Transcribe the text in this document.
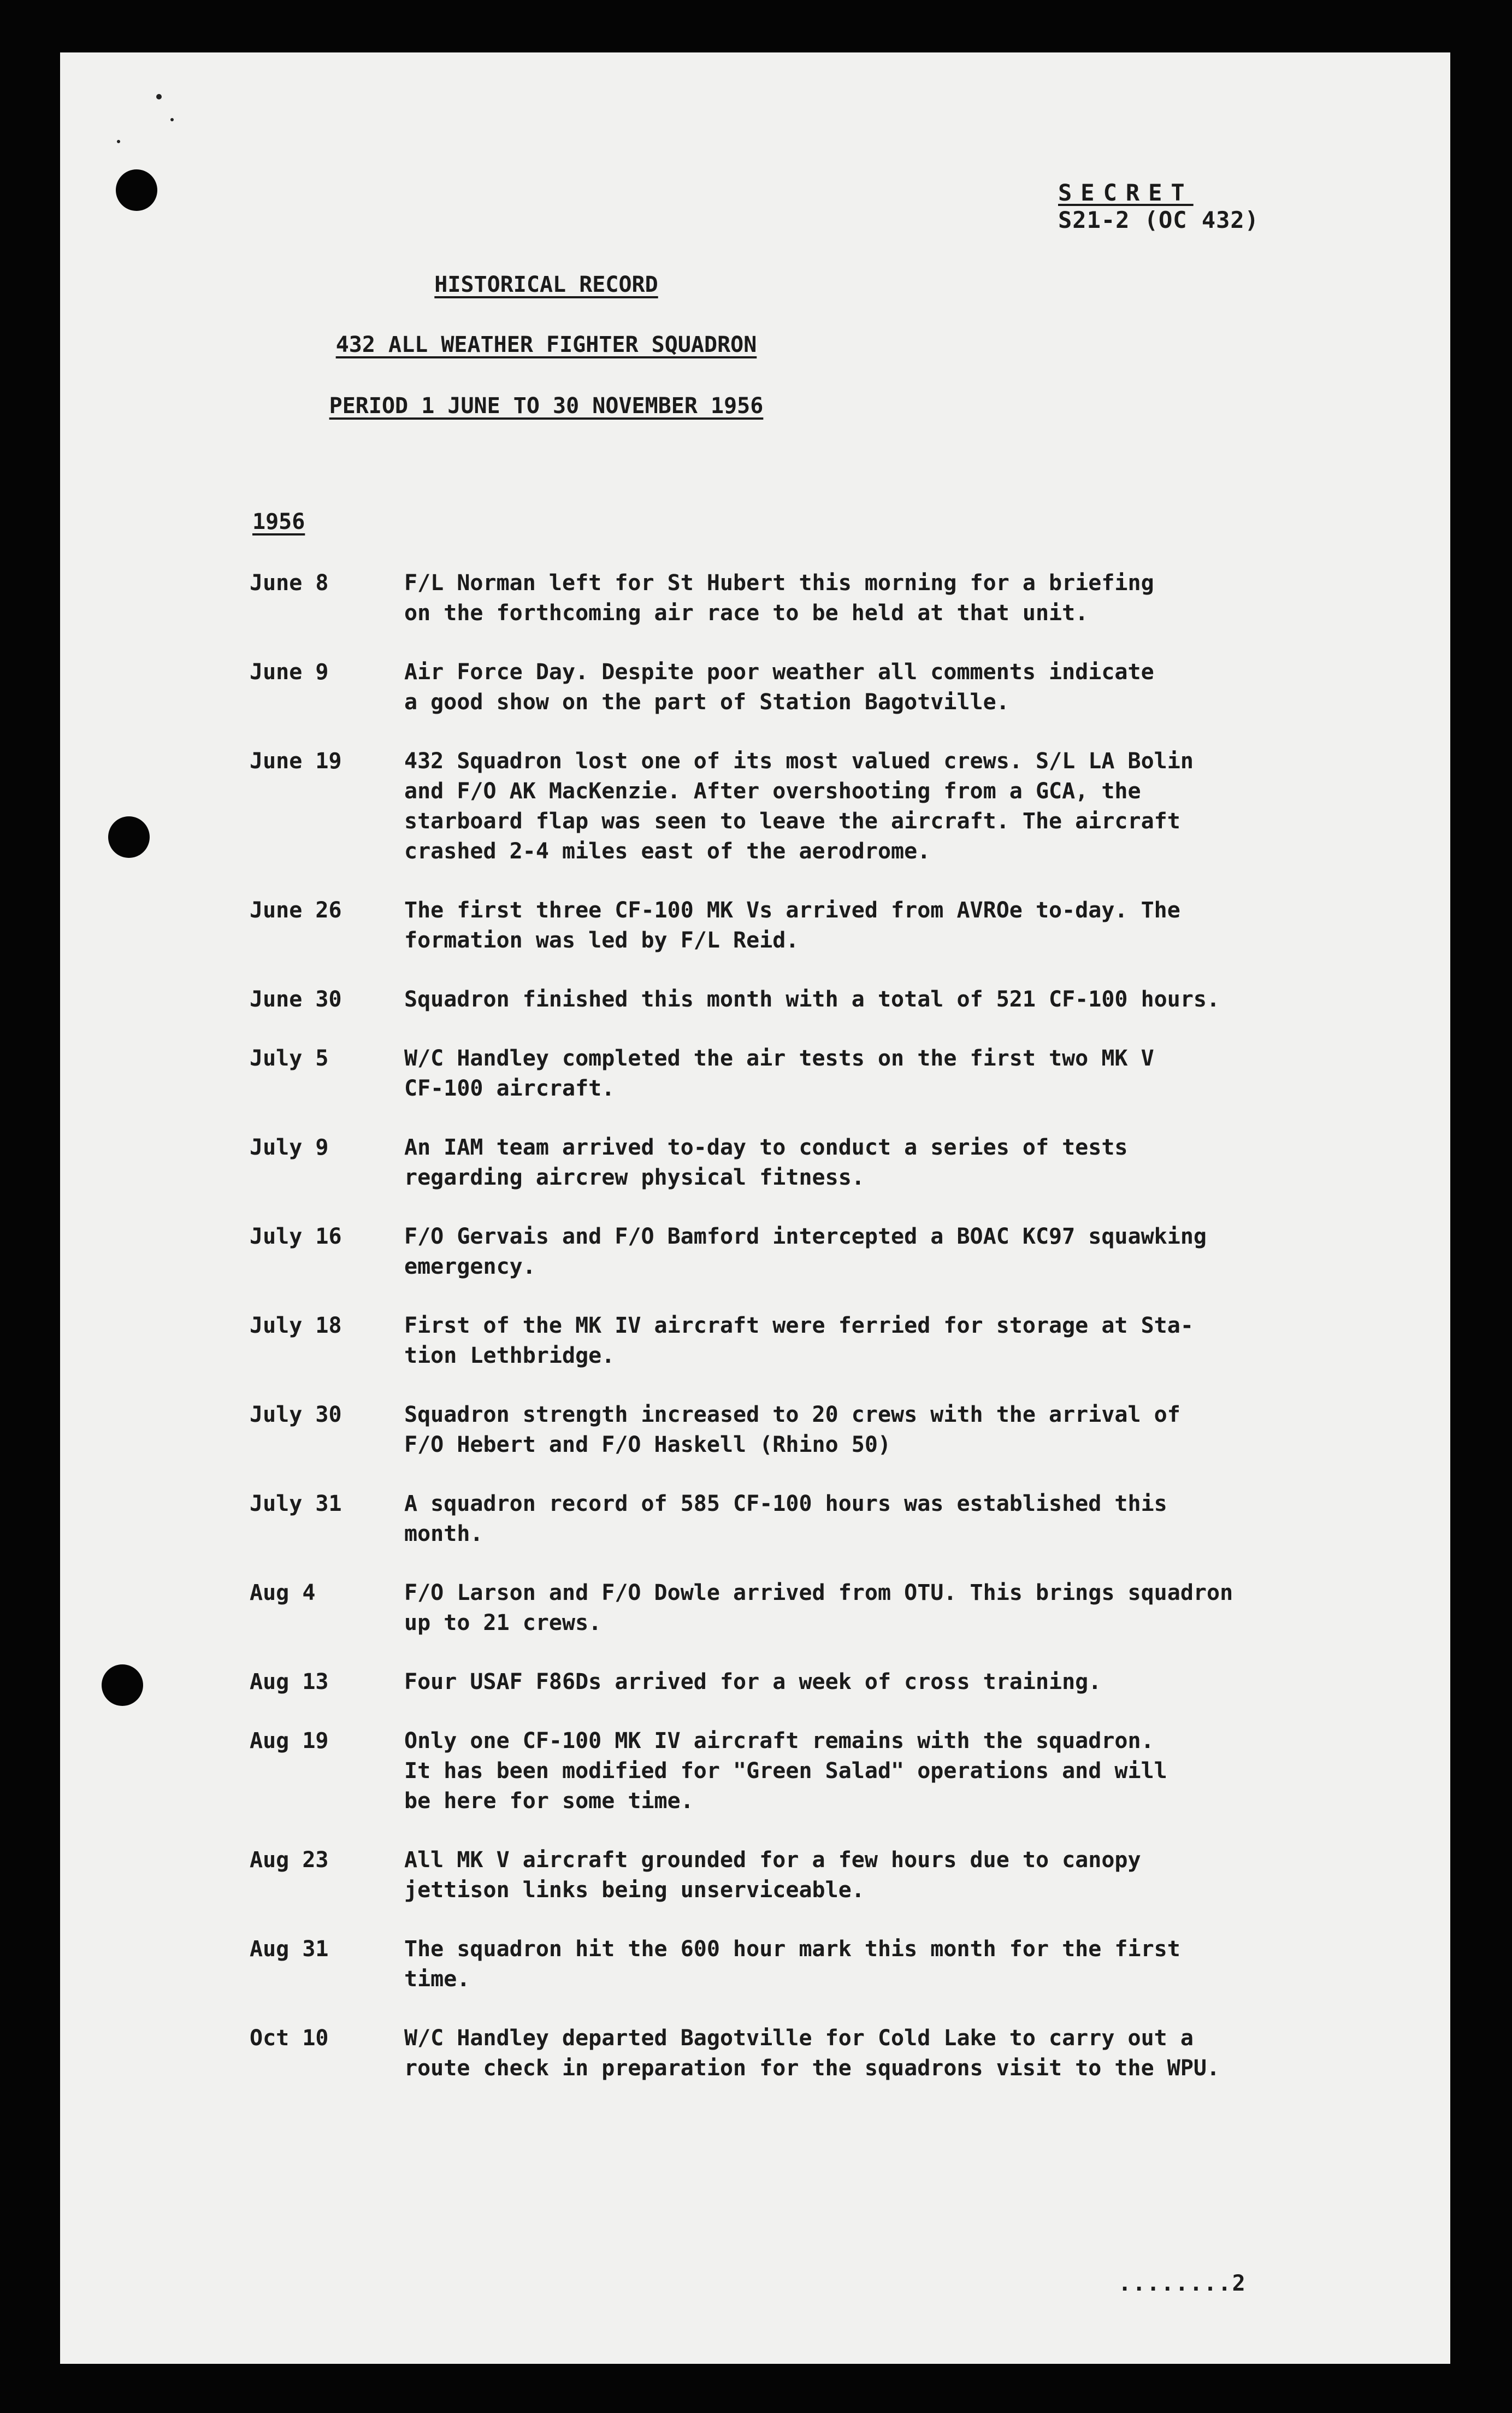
SECRET
S21-2 (OC 432)
HISTORICAL RECORD
432 ALL WEATHER FIGHTER SQUADRON
PERIOD 1 JUNE TO 30 NOVEMBER 1956
1956
June 8	F/L Norman left for St Hubert this morning for a briefing
on the forthcoming air race to be held at that unit.
June 9	Air Force Day. Despite poor weather all comments indicate
a good show on the part of Station Bagotville.
June 19	432 Squadron lost one of its most valued crews. S/L LA Bolin
and F/O AK MacKenzie. After overshooting from a GCA, the
starboard flap was seen to leave the aircraft. The aircraft
crashed 2-4 miles east of the aerodrome.
June 26	The first three CF-100 MK Vs arrived from AVROe to-day. The
formation was led by F/L Reid.
June 30	Squadron finished this month with a total of 521 CF-100 hours.
July 5	W/C Handley completed the air tests on the first two MK V
CF-100 aircraft.
July 9	An IAM team arrived to-day to conduct a series of tests
regarding aircrew physical fitness.
July 16	F/O Gervais and F/O Bamford intercepted a BOAC KC97 squawking
emergency.
July 18	First of the MK IV aircraft were ferried for storage at Sta-
tion Lethbridge.
July 30	Squadron strength increased to 20 crews with the arrival of
F/O Hebert and F/O Haskell (Rhino 50)
July 31	A squadron record of 585 CF-100 hours was established this
month.
Aug 4	F/O Larson and F/O Dowle arrived from OTU. This brings squadron
up to 21 crews.
Aug 13	Four USAF F86Ds arrived for a week of cross training.
Aug 19	Only one CF-100 MK IV aircraft remains with the squadron.
It has been modified for "Green Salad" operations and will
be here for some time.
Aug 23	All MK V aircraft grounded for a few hours due to canopy
jettison links being unserviceable.
Aug 31	The squadron hit the 600 hour mark this month for the first
time.
Oct 10	W/C Handley departed Bagotville for Cold Lake to carry out a
route check in preparation for the squadrons visit to the WPU.
........2
